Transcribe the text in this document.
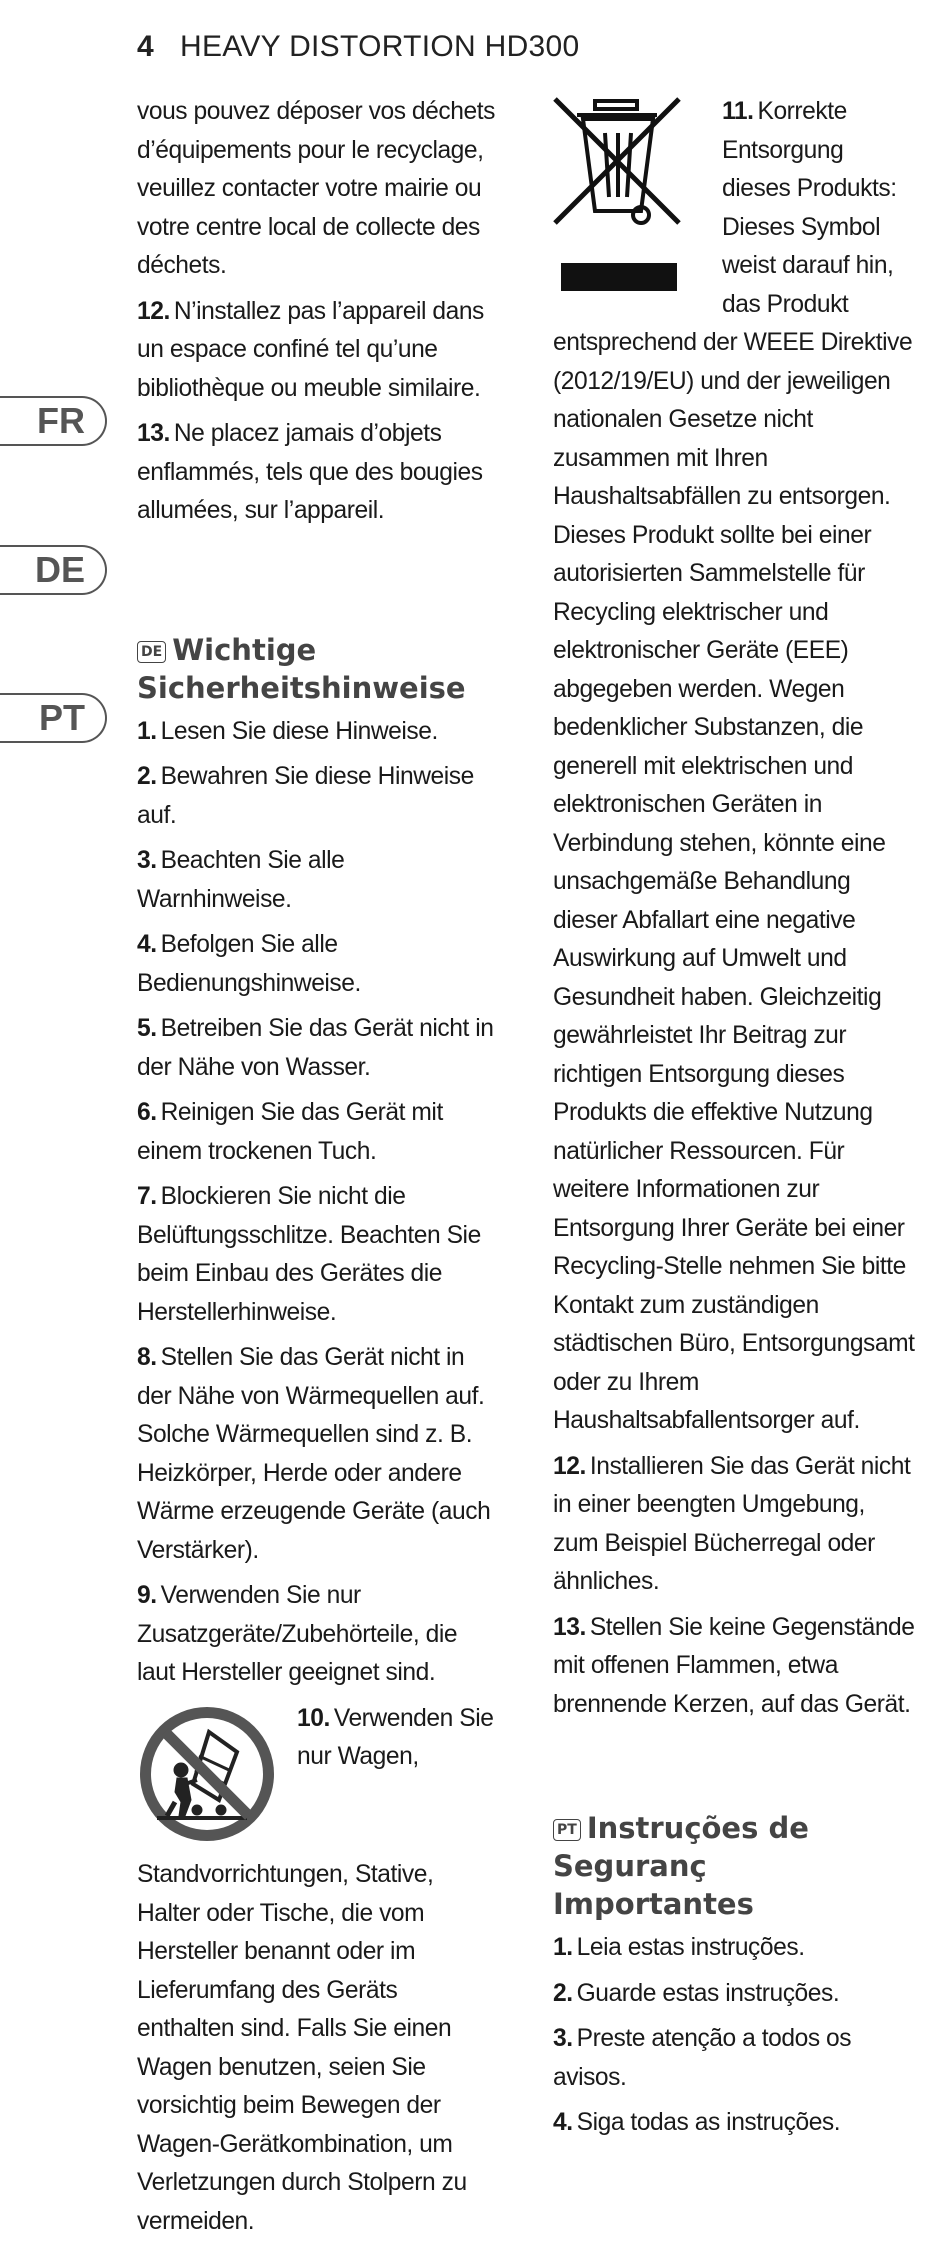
4 HEAVY DISTORTION HD300
FR
DE
PT

vous pouvez déposer vos déchets d’équipements pour le recyclage, veuillez contacter votre mairie ou votre centre local de collecte des déchets.

12. N’installez pas l’appareil dans un espace confiné tel qu’une bibliothèque ou meuble similaire.

13. Ne placez jamais d’objets enflammés, tels que des bougies allumées, sur l’appareil.

DE Wichtige Sicherheitshinweise

1. Lesen Sie diese Hinweise.

2. Bewahren Sie diese Hinweise auf.

3. Beachten Sie alle Warnhinweise.

4. Befolgen Sie alle Bedienungshinweise.

5. Betreiben Sie das Gerät nicht in der Nähe von Wasser.

6. Reinigen Sie das Gerät mit einem trockenen Tuch.

7. Blockieren Sie nicht die Belüftungsschlitze. Beachten Sie beim Einbau des Gerätes die Herstellerhinweise.

8. Stellen Sie das Gerät nicht in der Nähe von Wärmequellen auf. Solche Wärmequellen sind z. B. Heizkörper, Herde oder andere Wärme erzeugende Geräte (auch Verstärker).

9. Verwenden Sie nur Zusatzgeräte/Zubehörteile, die laut Hersteller geeignet sind.

10. Verwenden Sie nur Wagen, Standvorrichtungen, Stative, Halter oder Tische, die vom Hersteller benannt oder im Lieferumfang des Geräts enthalten sind. Falls Sie einen Wagen benutzen, seien Sie vorsichtig beim Bewegen der Wagen-Gerätkombination, um Verletzungen durch Stolpern zu vermeiden.

11. Korrekte Entsorgung dieses Produkts: Dieses Symbol weist darauf hin, das Produkt entsprechend der WEEE Direktive (2012/19/EU) und der jeweiligen nationalen Gesetze nicht zusammen mit Ihren Haushaltsabfällen zu entsorgen. Dieses Produkt sollte bei einer autorisierten Sammelstelle für Recycling elektrischer und elektronischer Geräte (EEE) abgegeben werden. Wegen bedenklicher Substanzen, die generell mit elektrischen und elektronischen Geräten in Verbindung stehen, könnte eine unsachgemäße Behandlung dieser Abfallart eine negative Auswirkung auf Umwelt und Gesundheit haben. Gleichzeitig gewährleistet Ihr Beitrag zur richtigen Entsorgung dieses Produkts die effektive Nutzung natürlicher Ressourcen. Für weitere Informationen zur Entsorgung Ihrer Geräte bei einer Recycling-Stelle nehmen Sie bitte Kontakt zum zuständigen städtischen Büro, Entsorgungsamt oder zu Ihrem Haushaltsabfallentsorger auf.

12. Installieren Sie das Gerät nicht in einer beengten Umgebung, zum Beispiel Bücherregal oder ähnliches.

13. Stellen Sie keine Gegenstände mit offenen Flammen, etwa brennende Kerzen, auf das Gerät.

PT Instruções de Seguranç Importantes

1. Leia estas instruções.

2. Guarde estas instruções.

3. Preste atenção a todos os avisos.

4. Siga todas as instruções.
